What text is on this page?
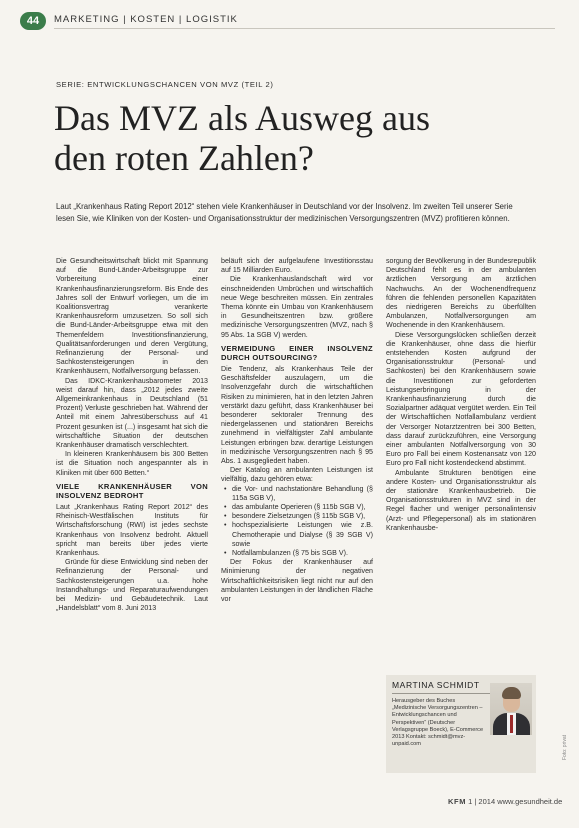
44	MARKETING | KOSTEN | LOGISTIK
SERIE: ENTWICKLUNGSCHANCEN VON MVZ (TEIL 2)
Das MVZ als Ausweg aus
den roten Zahlen?
Laut „Krankenhaus Rating Report 2012“ stehen viele Krankenhäuser in Deutschland vor der Insolvenz. Im zweiten Teil unserer Serie lesen Sie, wie Kliniken von der Kosten- und Organisationsstruktur der medizinischen Versorgungszentren (MVZ) profitieren können.

Die Gesundheitswirtschaft blickt mit Spannung auf die Bund-Länder-Arbeitsgruppe zur Vorbereitung einer Krankenhausfinanzierungsreform. Bis Ende des Jahres soll der Entwurf vorliegen, um die im Koalitionsvertrag verankerte Krankenhausreform umzusetzen. So soll sich die Bund-Länder-Arbeitsgruppe etwa mit den Themenfeldern Investitionsfinanzierung, Qualitätsanforderungen und deren Vergütung, Refinanzierung der Personal- und Sachkostensteigerungen in den Krankenhäusern, Notfallversorgung befassen.

Das IDKC-Krankenhausbarometer 2013 weist darauf hin, dass „2012 jedes zweite Allgemeinkrankenhaus in Deutschland (51 Prozent) Verluste geschrieben hat. Während der Anteil mit einem Jahresüberschuss auf 41 Prozent gesunken ist (...) insgesamt hat sich die wirtschaftliche Situation der deutschen Krankenhäuser dramatisch verschlechtert.

In kleineren Krankenhäusern bis 300 Betten ist die Situation noch angespannter als in Kliniken mit über 600 Betten.“

VIELE KRANKENHÄUSER VON INSOLVENZ BEDROHT

Laut „Krankenhaus Rating Report 2012“ des Rheinisch-Westfälischen Instituts für Wirtschaftsforschung (RWI) ist jedes sechste Krankenhaus von Insolvenz bedroht. Aktuell spricht man bereits über jedes vierte Krankenhaus.

Gründe für diese Entwicklung sind neben der Refinanzierung der Personal- und Sachkostensteigerungen u.a. hohe Instandhaltungs- und Reparaturaufwendungen bei Medizin- und Gebäudetechnik. Laut „Handelsblatt“ vom 8. Juni 2013

beläuft sich der aufgelaufene Investitionsstau auf 15 Milliarden Euro.

Die Krankenhauslandschaft wird vor einschneidenden Umbrüchen und wirtschaftlich neue Wege beschreiten müssen. Ein zentrales Thema könnte ein Umbau von Krankenhäusern in Gesundheitszentren bzw. größere medizinische Versorgungszentren (MVZ, nach § 95 Abs. 1a SGB V) werden.

VERMEIDUNG EINER INSOLVENZ DURCH OUTSOURCING?

Die Tendenz, als Krankenhaus Teile der Geschäftsfelder auszulagern, um die Insolvenzgefahr durch die wirtschaftlichen Risiken zu minimieren, hat in den letzten Jahren verstärkt dazu geführt, dass Krankenhäuser bei besonderer sektoraler Trennung des niedergelassenen und stationären Bereichs zunehmend in vielfältigster Zahl ambulante Leistungen erbringen bzw. derartige Leistungen in medizinische Versorgungszentren nach § 95 Abs. 1 ausgegliedert haben.

Der Katalog an ambulanten Leistungen ist vielfältig, dazu gehören etwa:

• die Vor- und nachstationäre Behandlung (§ 115a SGB V),
• das ambulante Operieren (§ 115b SGB V),
• besondere Zielsetzungen (§ 115b SGB V),
• hochspezialisierte Leistungen wie z.B. Chemotherapie und Dialyse (§ 39 SGB V) sowie
• Notfallambulanzen (§ 75 bis SGB V).

Der Fokus der Krankenhäuser auf Minimierung der negativen Wirtschaftlichkeitsrisiken liegt nicht nur auf den ambulanten Leistungen in der ländlichen Fläche vor

sorgung der Bevölkerung in der Bundesrepublik Deutschland fehlt es in der ambulanten ärztlichen Versorgung am ärztlichen Nachwuchs. An der Wochenendfrequenz führen die fehlenden personellen Kapazitäten des niedrigeren Bereichs zu überfüllten Ambulanzen, Notfallversorgungen am Wochenende in den Krankenhäusern.

Diese Versorgungslücken schließen derzeit die Krankenhäuser, ohne dass die hierfür entstehenden Kosten aufgrund der Organisationsstruktur (Personal- und Sachkosten) bei den Krankenhäusern sowie die Investitionen zur geforderten Leistungserbringung in der Krankenhausfinanzierung durch die Sozialpartner adäquat vergütet werden. Ein Teil der Wirtschaftlichen Notfallambulanz verdient der Versorger Notarztzentren bei 300 Betten, dass darauf zurückzuführen, eine Versorgung einer ambulanten Notfallversorgung von 30 Euro pro Fall bei einem Kostenansatz von 120 Euro pro Fall nicht kostendeckend abstimmt.

Ambulante Strukturen benötigen eine andere Kosten- und Organisationsstruktur als der stationäre Krankenhausbetrieb. Die Organisationsstrukturen in MVZ sind in der Regel flacher und weniger personalintensiv (Arzt- und Pflegepersonal) als im stationären Krankenhausbe-

MARTINA SCHMIDT
Herausgeber des Buches „Medizinische Versorgungszentren – Entwicklungschancen und Perspektiven“ (Deutscher Verlagsgruppe Boeck), E-Commerce 2013 Kontakt: schmidt@mvz-unpaid.com
KFM 1 | 2014 www.gesundheit.de
Foto: privat
